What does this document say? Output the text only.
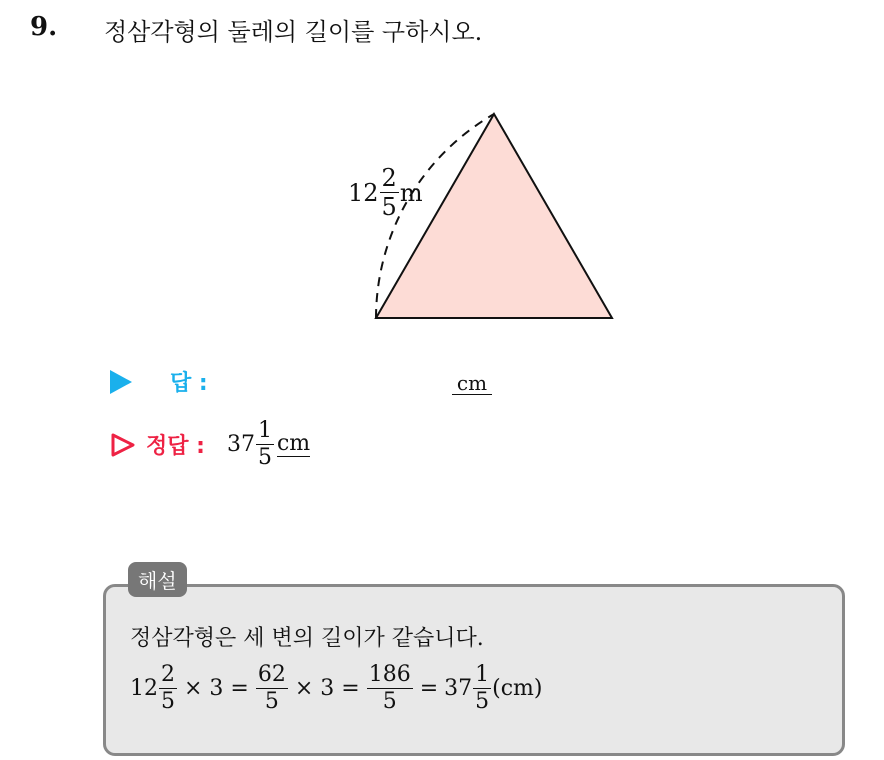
9. 정삼각형의 둘레의 길이를 구하시오.
$12 \frac{2}{5}$ m
답 :	cm
정답 : $37 \frac{1}{5}$ cm
해설
정삼각형은 세 변의 길이가 같습니다.
$12 \frac{2}{5} \times 3 = \frac{62}{5} \times 3 = \frac{186}{5} = 37 \frac{1}{5} (cm)$
